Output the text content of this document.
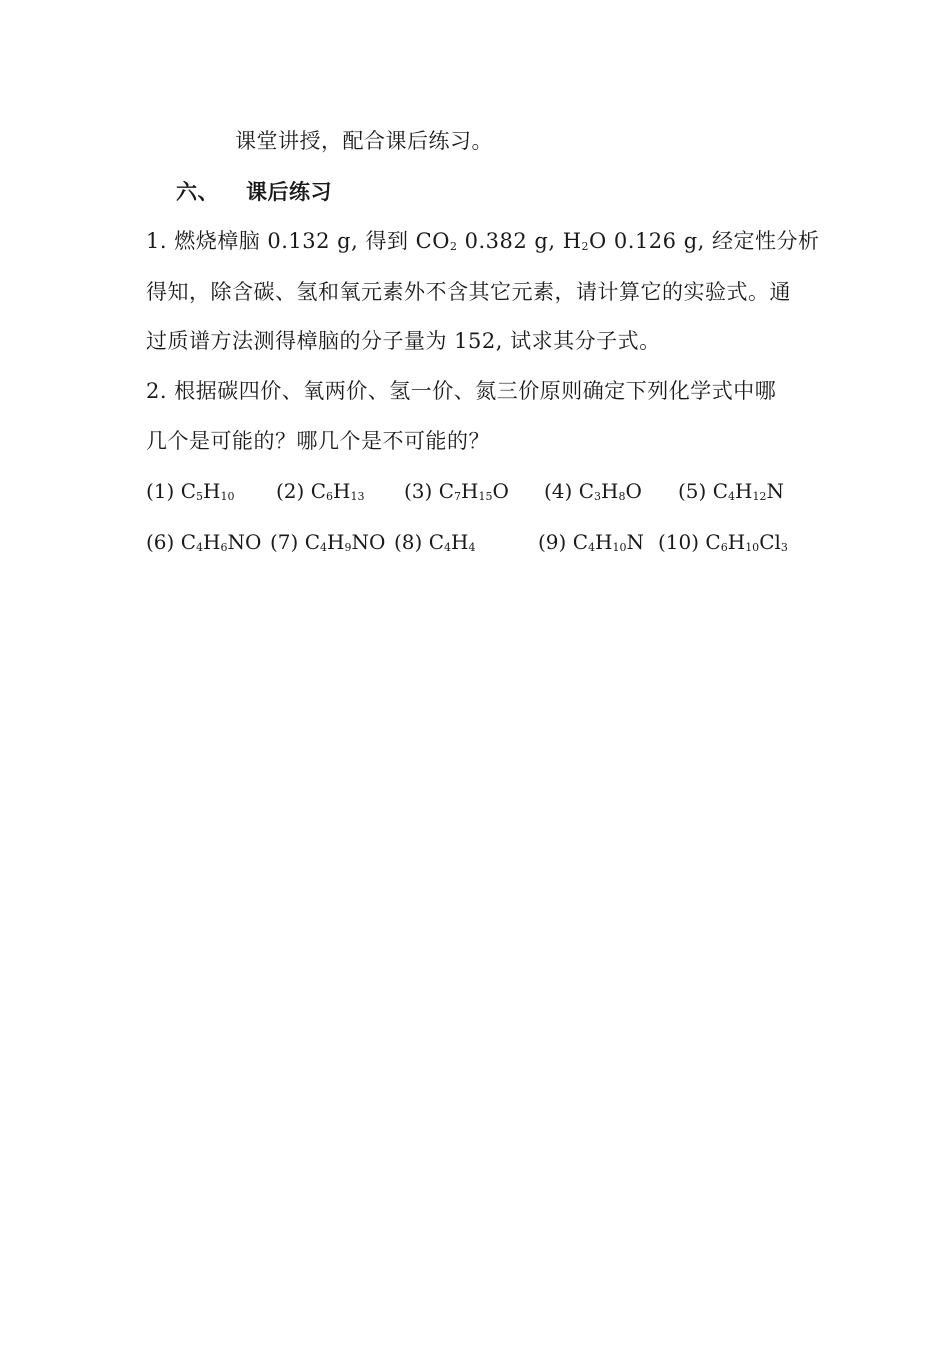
课堂讲授，配合课后练习。
六、 课后练习
1. 燃烧樟脑 0.132 g, 得到 $CO_2$ 0.382 g, $H_2O$ 0.126 g, 经定性分析
得知，除含碳、氢和氧元素外不含其它元素，请计算它的实验式。通
过质谱方法测得樟脑的分子量为 152, 试求其分子式。
2. 根据碳四价、氧两价、氢一价、氮三价原则确定下列化学式中哪
几个是可能的？哪几个是不可能的？
(1) $C_5H_{10}$ (2) $C_6H_{13}$ (3) $C_7H_{15}O$ (4) $C_3H_8O$ (5) $C_4H_{12}N$
(6) $C_4H_6NO$ (7) $C_4H_9NO$ (8) $C_4H_4$	(9) $C_4H_{10}N$ (10) $C_6H_{10}Cl_3$
